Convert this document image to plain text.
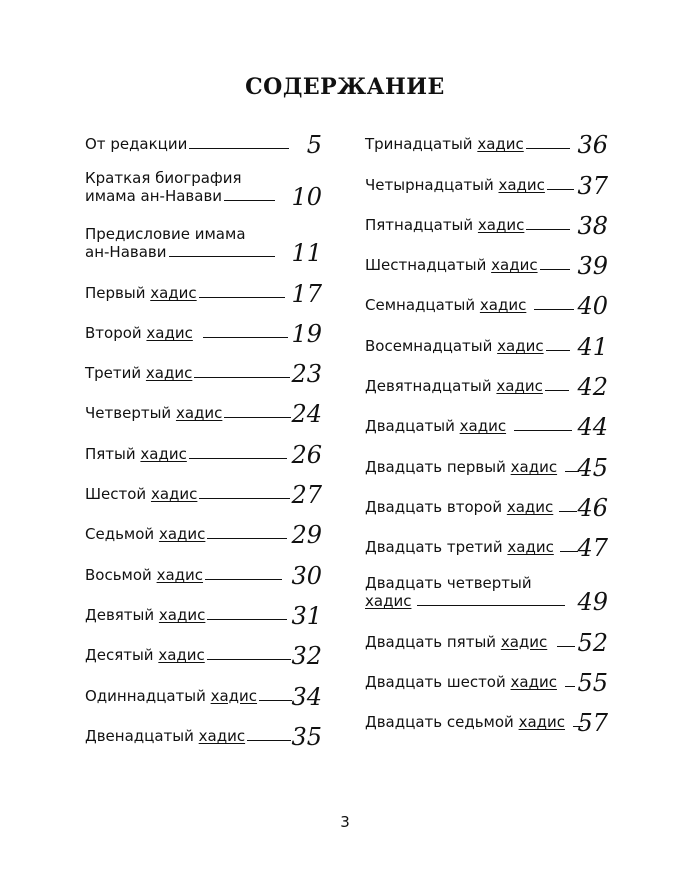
СОДЕРЖАНИЕ
От редакции	5
Краткая биография
имама ан-Навави	10
Предисловие имама
ан-Навави	11
Первый хадис	17
Второй хадис	19
Третий хадис	23
Четвертый хадис	24
Пятый хадис	26
Шестой хадис	27
Седьмой хадис	29
Восьмой хадис	30
Девятый хадис	31
Десятый хадис	32
Одиннадцатый хадис	34
Двенадцатый хадис	35
Тринадцатый хадис	36
Четырнадцатый хадис	37
Пятнадцатый хадис	38
Шестнадцатый хадис	39
Семнадцатый хадис	40
Восемнадцатый хадис	41
Девятнадцатый хадис	42
Двадцатый хадис	44
Двадцать первый хадис 45
Двадцать второй хадис	46
Двадцать третий хадис 47
Двадцать четвертый
хадис	49
Двадцать пятый хадис	52
Двадцать шестой хадис 55
Двадцать седьмой хадис 57
3
